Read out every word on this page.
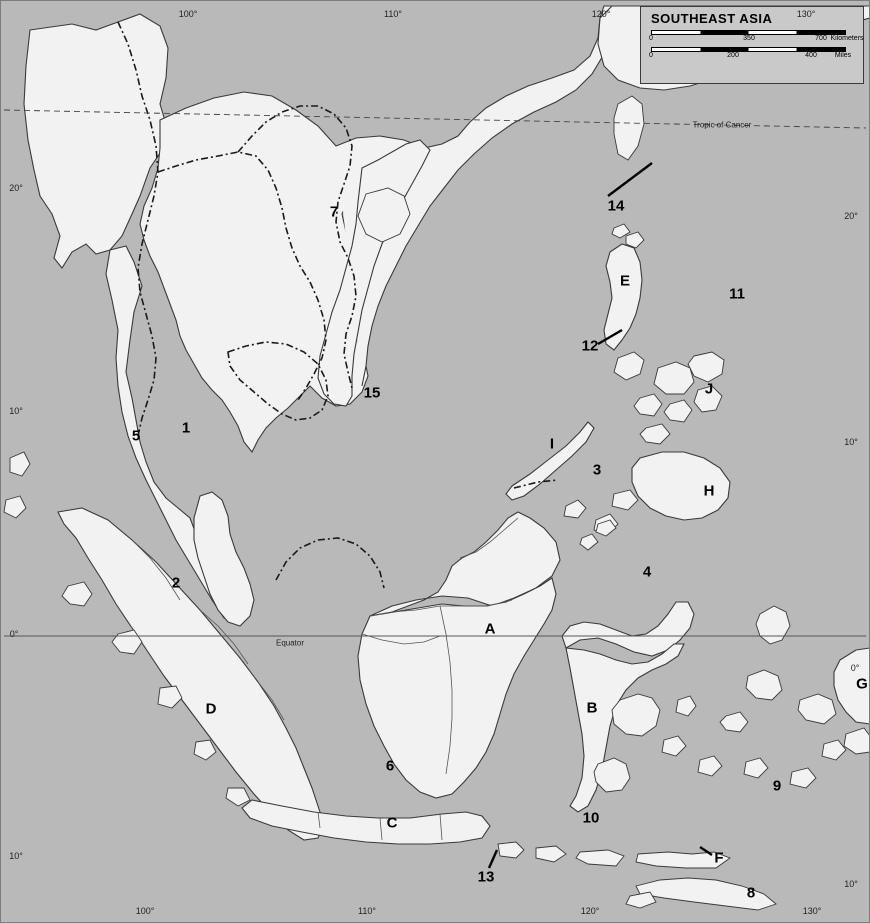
SOUTHEAST ASIA
0	350	700 Kilometers
0	200	400	Miles
Tropic of Cancer
Equator
100°	110°	120°	130°
100°	110°	120°	130°
20°
10°
0°
10°
20°
10°
0°
10°
1
2
3
4
5
6
7
8
9
10
11
12
13
14
15
A
B
C
D
E
F
G
H
I
J
